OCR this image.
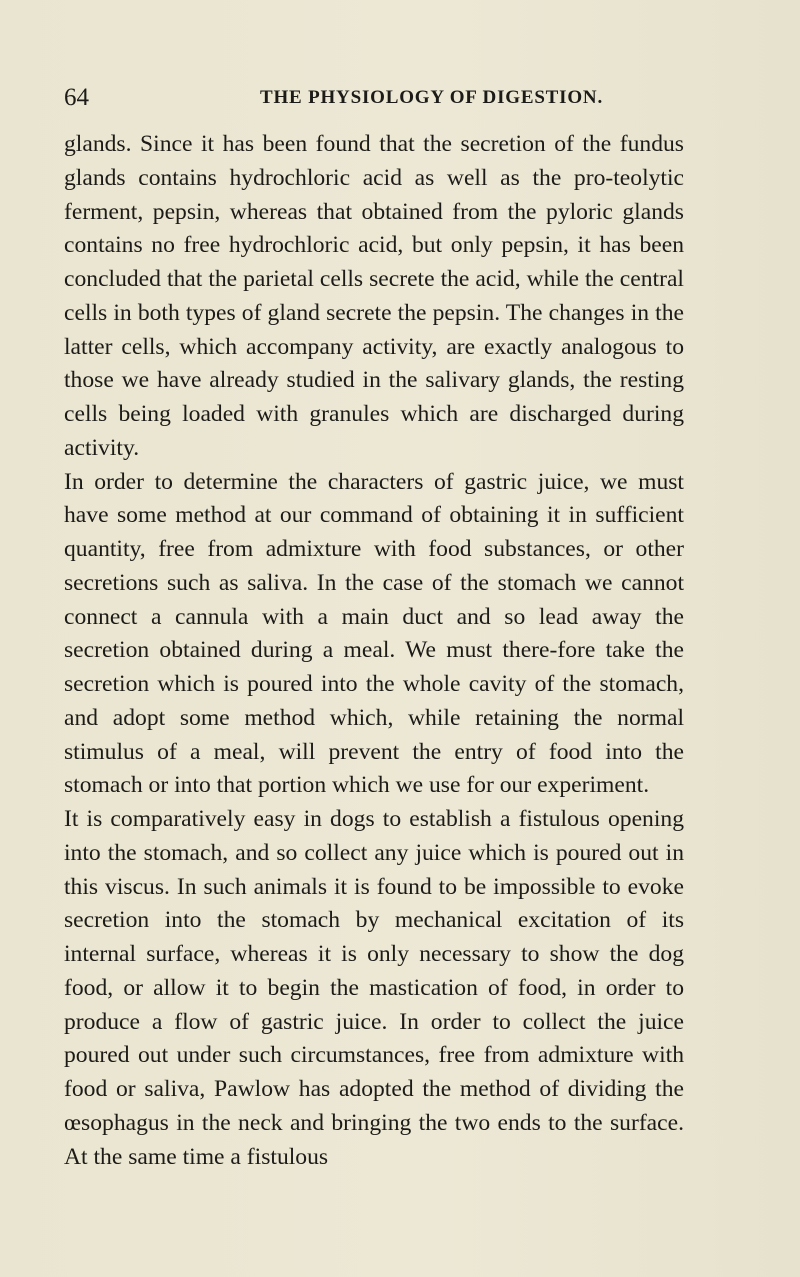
64	THE PHYSIOLOGY OF DIGESTION.

glands. Since it has been found that the secretion of the fundus glands contains hydrochloric acid as well as the pro-teolytic ferment, pepsin, whereas that obtained from the pyloric glands contains no free hydrochloric acid, but only pepsin, it has been concluded that the parietal cells secrete the acid, while the central cells in both types of gland secrete the pepsin. The changes in the latter cells, which accompany activity, are exactly analogous to those we have already studied in the salivary glands, the resting cells being loaded with granules which are discharged during activity.

In order to determine the characters of gastric juice, we must have some method at our command of obtaining it in sufficient quantity, free from admixture with food substances, or other secretions such as saliva. In the case of the stomach we cannot connect a cannula with a main duct and so lead away the secretion obtained during a meal. We must there-fore take the secretion which is poured into the whole cavity of the stomach, and adopt some method which, while retaining the normal stimulus of a meal, will prevent the entry of food into the stomach or into that portion which we use for our experiment.

It is comparatively easy in dogs to establish a fistulous opening into the stomach, and so collect any juice which is poured out in this viscus. In such animals it is found to be impossible to evoke secretion into the stomach by mechanical excitation of its internal surface, whereas it is only necessary to show the dog food, or allow it to begin the mastication of food, in order to produce a flow of gastric juice. In order to collect the juice poured out under such circumstances, free from admixture with food or saliva, Pawlow has adopted the method of dividing the œsophagus in the neck and bringing the two ends to the surface. At the same time a fistulous
